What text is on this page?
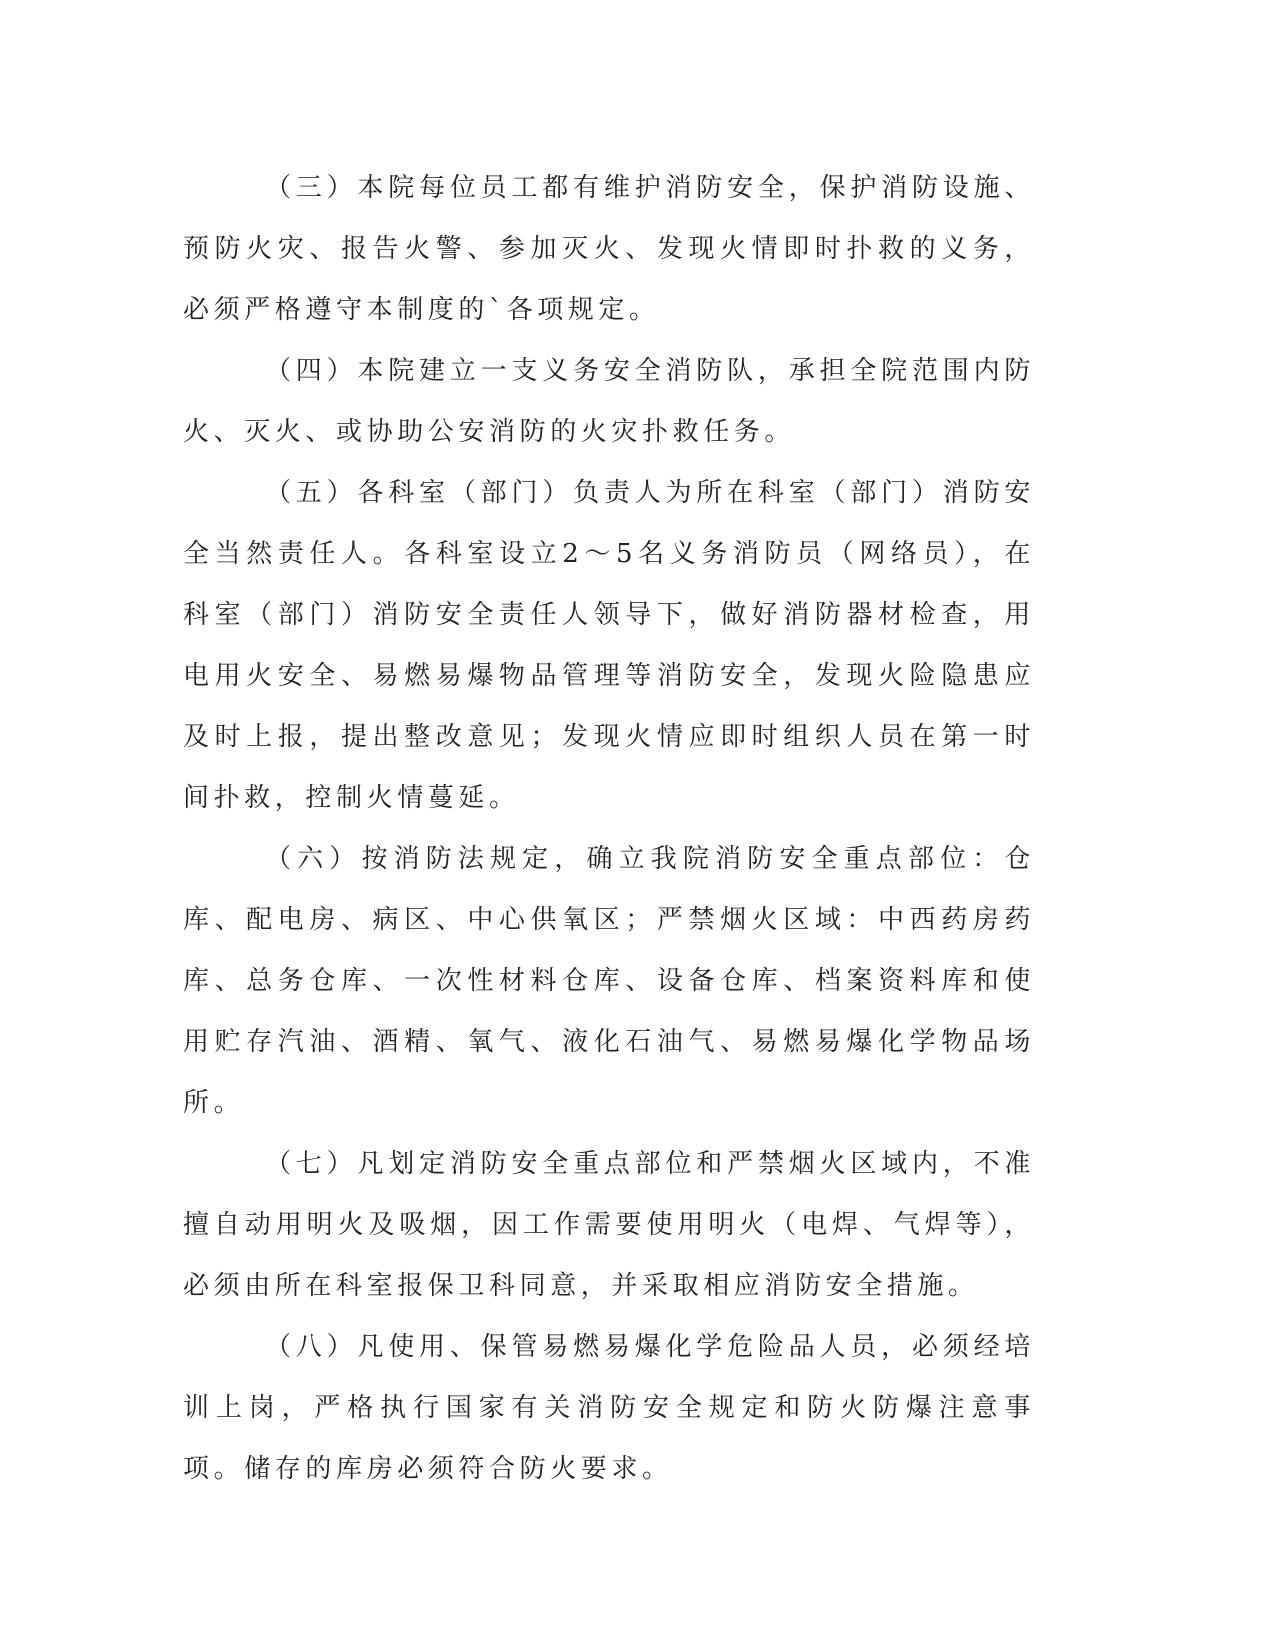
（三）本院每位员工都有维护消防安全，保护消防设施、预防火灾、报告火警、参加灭火、发现火情即时扑救的义务，必须严格遵守本制度的`各项规定。

（四）本院建立一支义务安全消防队，承担全院范围内防火、灭火、或协助公安消防的火灾扑救任务。

（五）各科室（部门）负责人为所在科室（部门）消防安全当然责任人。各科室设立2～5名义务消防员（网络员），在科室（部门）消防安全责任人领导下，做好消防器材检查，用电用火安全、易燃易爆物品管理等消防安全，发现火险隐患应及时上报，提出整改意见；发现火情应即时组织人员在第一时间扑救，控制火情蔓延。

（六）按消防法规定，确立我院消防安全重点部位：仓库、配电房、病区、中心供氧区；严禁烟火区域：中西药房药库、总务仓库、一次性材料仓库、设备仓库、档案资料库和使用贮存汽油、酒精、氧气、液化石油气、易燃易爆化学物品场所。

（七）凡划定消防安全重点部位和严禁烟火区域内，不准擅自动用明火及吸烟，因工作需要使用明火（电焊、气焊等），必须由所在科室报保卫科同意，并采取相应消防安全措施。

（八）凡使用、保管易燃易爆化学危险品人员，必须经培训上岗，严格执行国家有关消防安全规定和防火防爆注意事项。储存的库房必须符合防火要求。
